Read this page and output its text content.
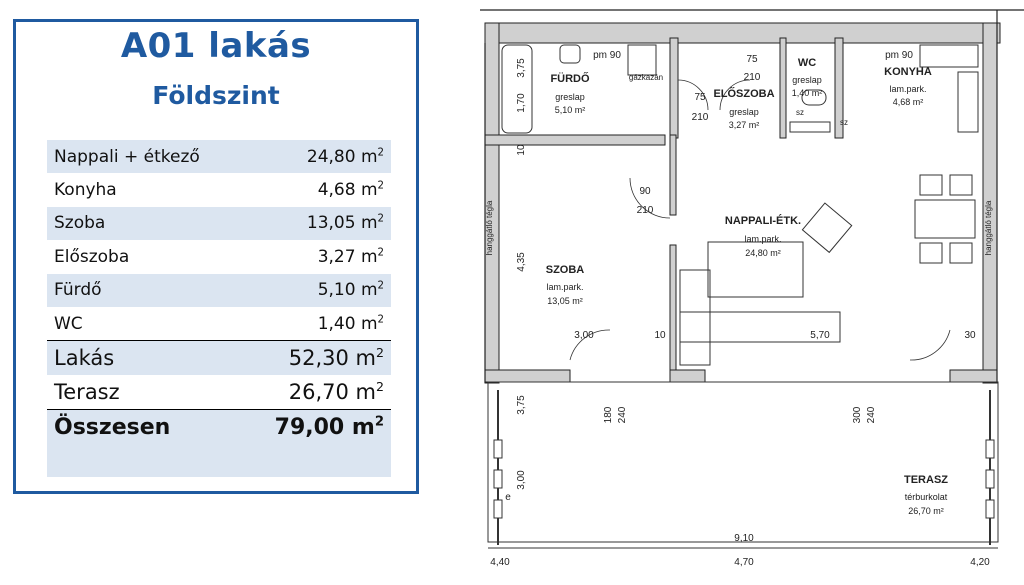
A01 lakás
Földszint
Nappali + étkező	24,80 $m^2$
Konyha	4,68 $m^2$
Szoba	13,05 $m^2$
Előszoba	3,27 $m^2$
Fürdő	5,10 $m^2$
WC	1,40 $m^2$
Lakás	52,30 $m^2$
Terasz	26,70 $m^2$
Összesen	79,00 $m^2$

FÜRDŐ
greslap
5,10 m²
ELŐSZOBA
greslap
3,27 m²
WC
greslap
1,40 m²
KONYHA
lam.park.
4,68 m²
SZOBA
lam.park.
13,05 m²
NAPPALI-ÉTK.
lam.park.
24,80 m²
TERASZ
térburkolat
26,70 m²
pm 90	pm 90
gázkazán
75
210
75
210
90
210
3,00	10	5,70	30
9,10
4,40	4,70	4,20
sz
sz
e
3,75
1,70
10
4,35
3,75
180 240	300 240
3,00
hanggátló tégla	hanggátló tégla
